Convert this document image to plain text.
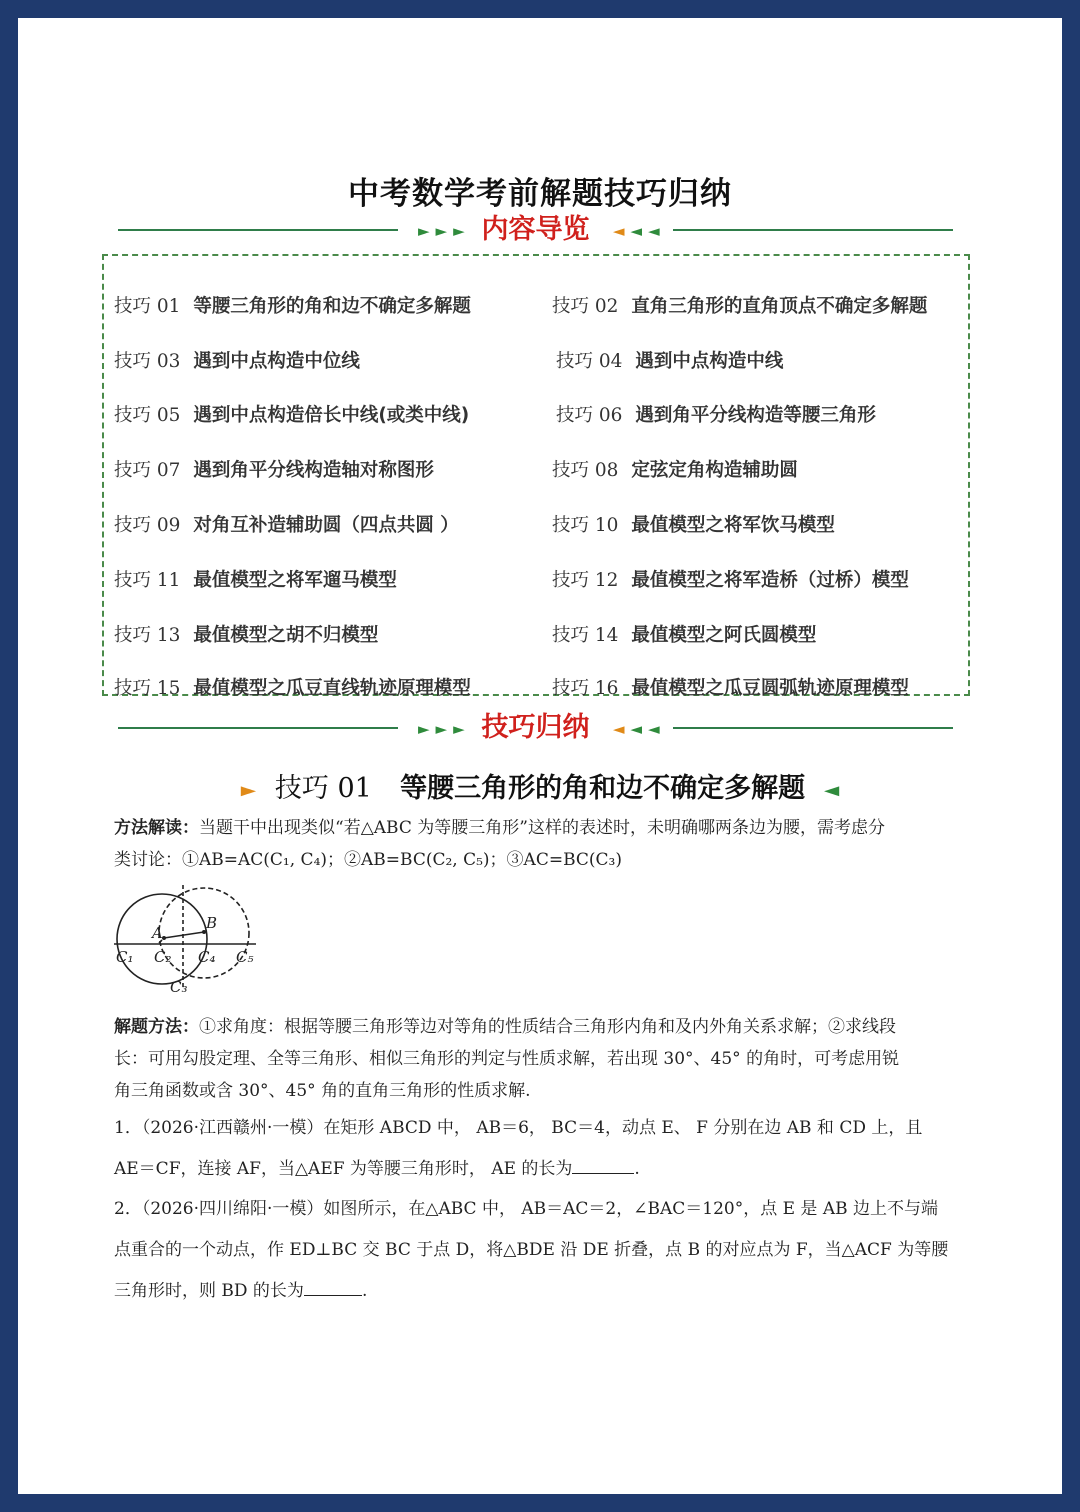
中考数学考前解题技巧归纳
►►► 内容导览	◄◄◄
技巧 01 等腰三角形的角和边不确定多解题	技巧 02 直角三角形的直角顶点不确定多解题
技巧 03 遇到中点构造中位线	技巧 04 遇到中点构造中线
技巧 05 遇到中点构造倍长中线(或类中线)	技巧 06 遇到角平分线构造等腰三角形
技巧 07 遇到角平分线构造轴对称图形	技巧 08 定弦定角构造辅助圆
技巧 09 对角互补造辅助圆（四点共圆 ）	技巧 10 最值模型之将军饮马模型
技巧 11 最值模型之将军遛马模型	技巧 12 最值模型之将军造桥（过桥）模型
技巧 13 最值模型之胡不归模型	技巧 14 最值模型之阿氏圆模型
技巧 15 最值模型之瓜豆直线轨迹原理模型	技巧 16 最值模型之瓜豆圆弧轨迹原理模型
►►► 技巧归纳	◄◄◄
► 技巧 01 等腰三角形的角和边不确定多解题 ◄
方法解读：当题干中出现类似“若△ABC 为等腰三角形”这样的表述时，未明确哪两条边为腰，需考虑分
类讨论：①AB=AC(C₁, C₄)；②AB=BC(C₂, C₅)；③AC=BC(C₃)
A
B
C₁ C₂
C₃
C₄ C₅
解题方法：①求角度：根据等腰三角形等边对等角的性质结合三角形内角和及内外角关系求解；②求线段
长：可用勾股定理、全等三角形、相似三角形的判定与性质求解，若出现 30°、45° 的角时，可考虑用锐
角三角函数或含 30°、45° 角的直角三角形的性质求解.
1．（2026·江西赣州·一模）在矩形 ABCD 中， AB＝6， BC＝4，动点 E、 F 分别在边 AB 和 CD 上，且
AE＝CF，连接 AF，当△AEF 为等腰三角形时， AE 的长为	.
2．（2026·四川绵阳·一模）如图所示，在△ABC 中， AB＝AC＝2，∠BAC＝120°，点 E 是 AB 边上不与端
点重合的一个动点，作 ED⊥BC 交 BC 于点 D，将△BDE 沿 DE 折叠，点 B 的对应点为 F，当△ACF 为等腰
三角形时，则 BD 的长为	.
